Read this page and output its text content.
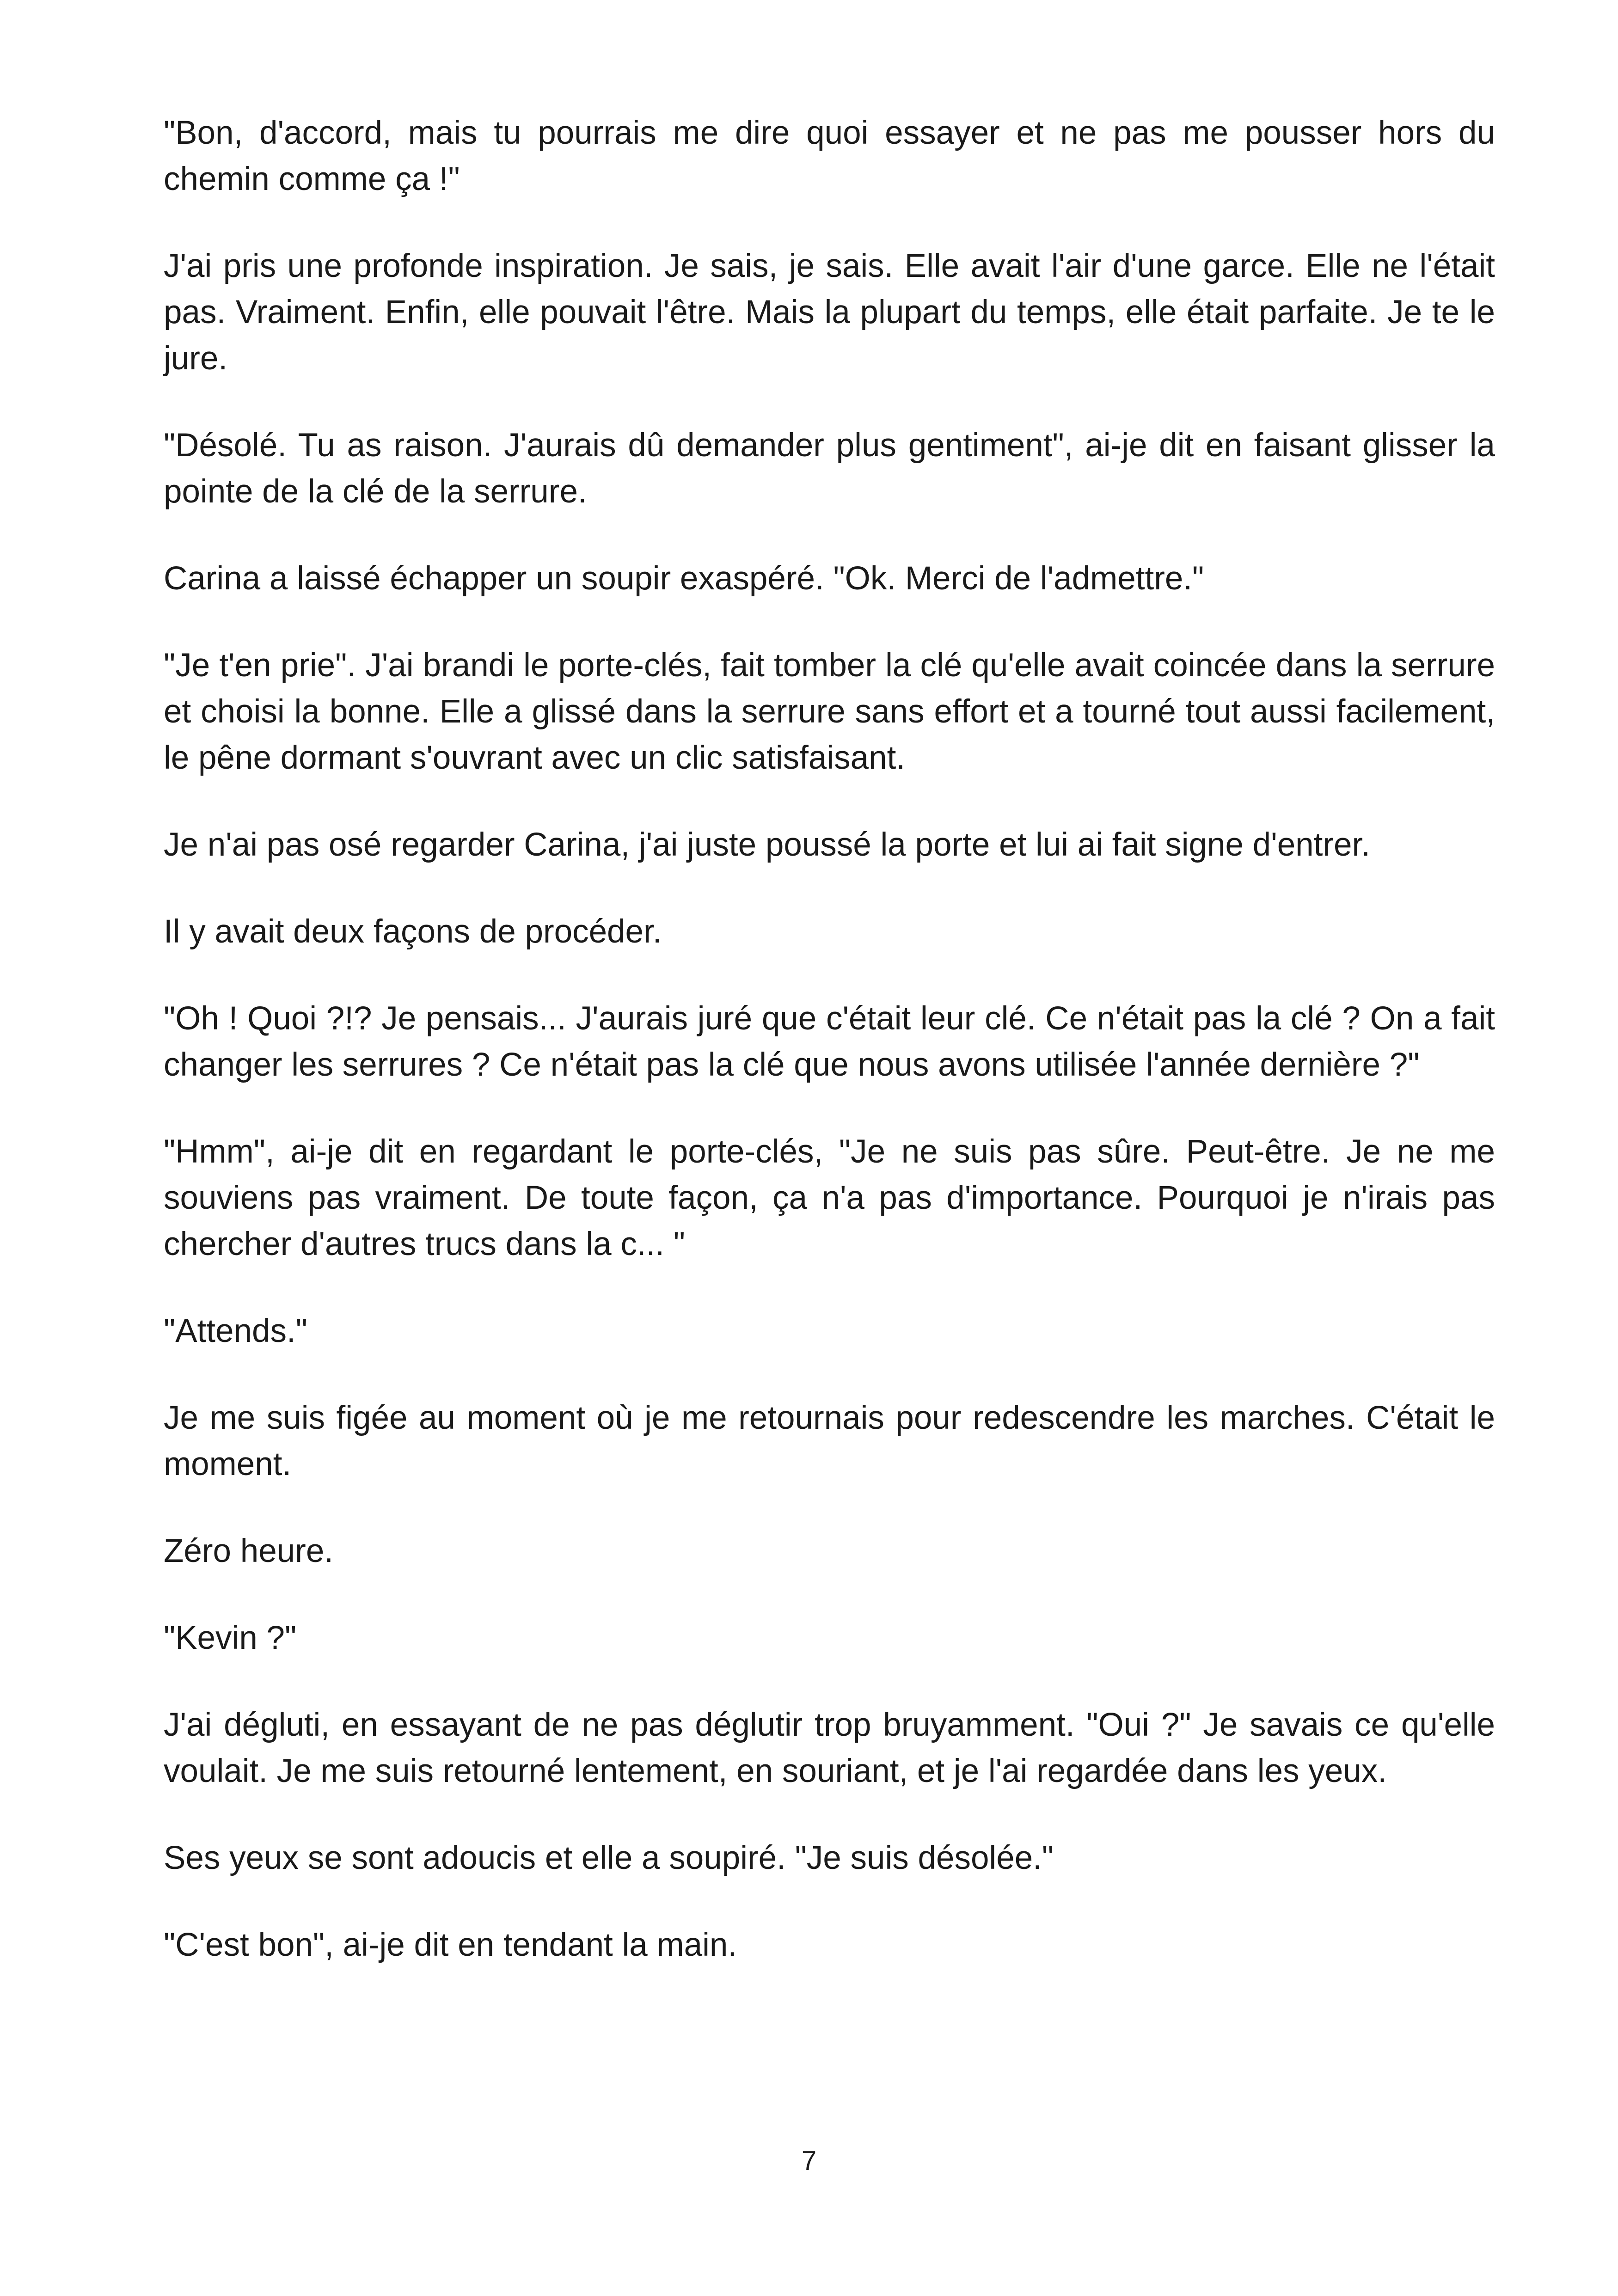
"Bon, d'accord, mais tu pourrais me dire quoi essayer et ne pas me pousser hors du chemin comme ça !"

J'ai pris une profonde inspiration. Je sais, je sais. Elle avait l'air d'une garce. Elle ne l'était pas. Vraiment. Enfin, elle pouvait l'être. Mais la plupart du temps, elle était parfaite. Je te le jure.

"Désolé. Tu as raison. J'aurais dû demander plus gentiment", ai-je dit en faisant glisser la pointe de la clé de la serrure.

Carina a laissé échapper un soupir exaspéré. "Ok. Merci de l'admettre."

"Je t'en prie". J'ai brandi le porte-clés, fait tomber la clé qu'elle avait coincée dans la serrure et choisi la bonne. Elle a glissé dans la serrure sans effort et a tourné tout aussi facilement, le pêne dormant s'ouvrant avec un clic satisfaisant.

Je n'ai pas osé regarder Carina, j'ai juste poussé la porte et lui ai fait signe d'entrer.

Il y avait deux façons de procéder.

"Oh ! Quoi ?!? Je pensais... J'aurais juré que c'était leur clé. Ce n'était pas la clé ? On a fait changer les serrures ? Ce n'était pas la clé que nous avons utilisée l'année dernière ?"

"Hmm", ai-je dit en regardant le porte-clés, "Je ne suis pas sûre. Peut-être. Je ne me souviens pas vraiment. De toute façon, ça n'a pas d'importance. Pourquoi je n'irais pas chercher d'autres trucs dans la c... "

"Attends."

Je me suis figée au moment où je me retournais pour redescendre les marches. C'était le moment.

Zéro heure.

"Kevin ?"

J'ai dégluti, en essayant de ne pas déglutir trop bruyamment. "Oui ?" Je savais ce qu'elle voulait. Je me suis retourné lentement, en souriant, et je l'ai regardée dans les yeux.

Ses yeux se sont adoucis et elle a soupiré. "Je suis désolée."

"C'est bon", ai-je dit en tendant la main.

7
